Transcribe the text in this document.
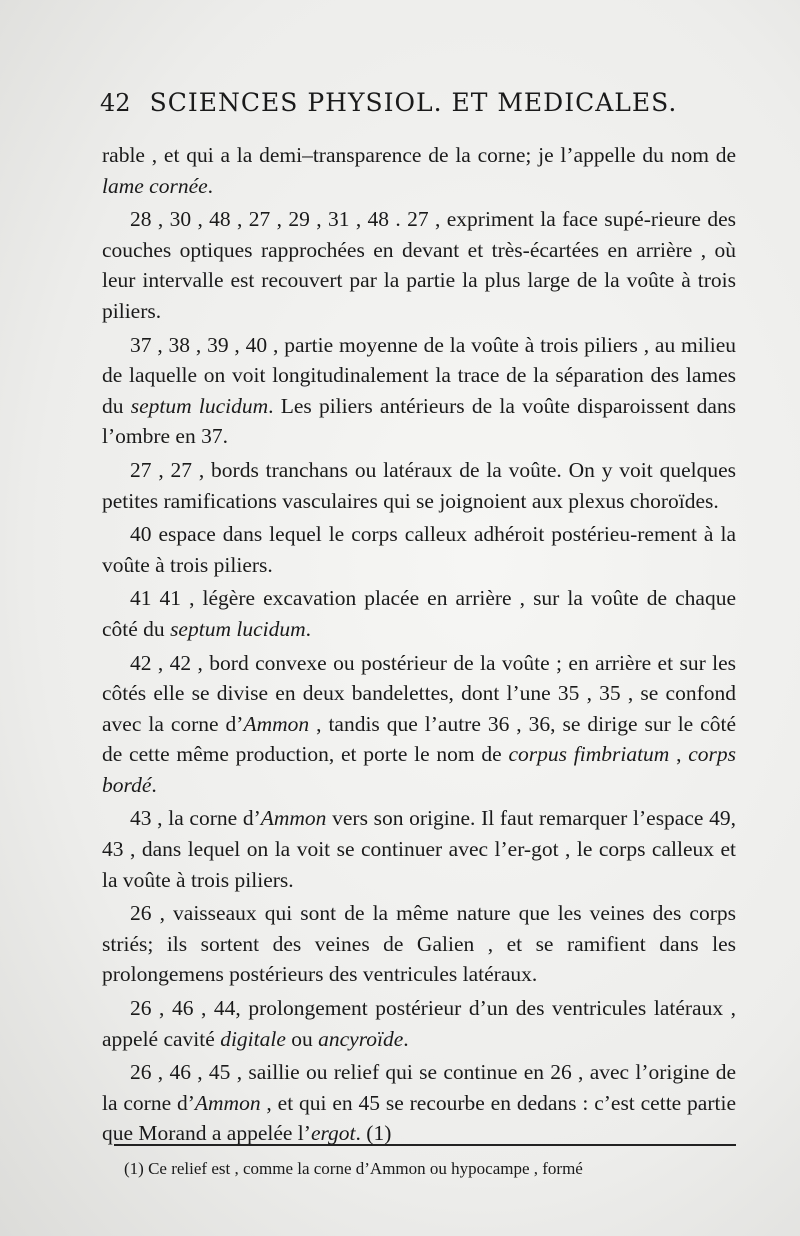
42 SCIENCES PHYSIOL. ET MEDICALES.

rable , et qui a la demi–transparence de la corne; je l’appelle du nom de lame cornée.

28 , 30 , 48 , 27 , 29 , 31 , 48 . 27 , expriment la face supé-rieure des couches optiques rapprochées en devant et très-écartées en arrière , où leur intervalle est recouvert par la partie la plus large de la voûte à trois piliers.

37 , 38 , 39 , 40 , partie moyenne de la voûte à trois piliers , au milieu de laquelle on voit longitudinalement la trace de la séparation des lames du septum lucidum. Les piliers antérieurs de la voûte disparoissent dans l’ombre en 37.

27 , 27 , bords tranchans ou latéraux de la voûte. On y voit quelques petites ramifications vasculaires qui se joignoient aux plexus choroïdes.

40 espace dans lequel le corps calleux adhéroit postérieu-rement à la voûte à trois piliers.

41 41 , légère excavation placée en arrière , sur la voûte de chaque côté du septum lucidum.

42 , 42 , bord convexe ou postérieur de la voûte ; en arrière et sur les côtés elle se divise en deux bandelettes, dont l’une 35 , 35 , se confond avec la corne d’Ammon , tandis que l’autre 36 , 36, se dirige sur le côté de cette même production, et porte le nom de corpus fimbriatum , corps bordé.

43 , la corne d’Ammon vers son origine. Il faut remarquer l’espace 49, 43 , dans lequel on la voit se continuer avec l’er-got , le corps calleux et la voûte à trois piliers.

26 , vaisseaux qui sont de la même nature que les veines des corps striés; ils sortent des veines de Galien , et se ramifient dans les prolongemens postérieurs des ventricules latéraux.

26 , 46 , 44, prolongement postérieur d’un des ventricules latéraux , appelé cavité digitale ou ancyroïde.

26 , 46 , 45 , saillie ou relief qui se continue en 26 , avec l’origine de la corne d’Ammon , et qui en 45 se recourbe en dedans : c’est cette partie que Morand a appelée l’ergot. (1)

(1) Ce relief est , comme la corne d’Ammon ou hypocampe , formé
